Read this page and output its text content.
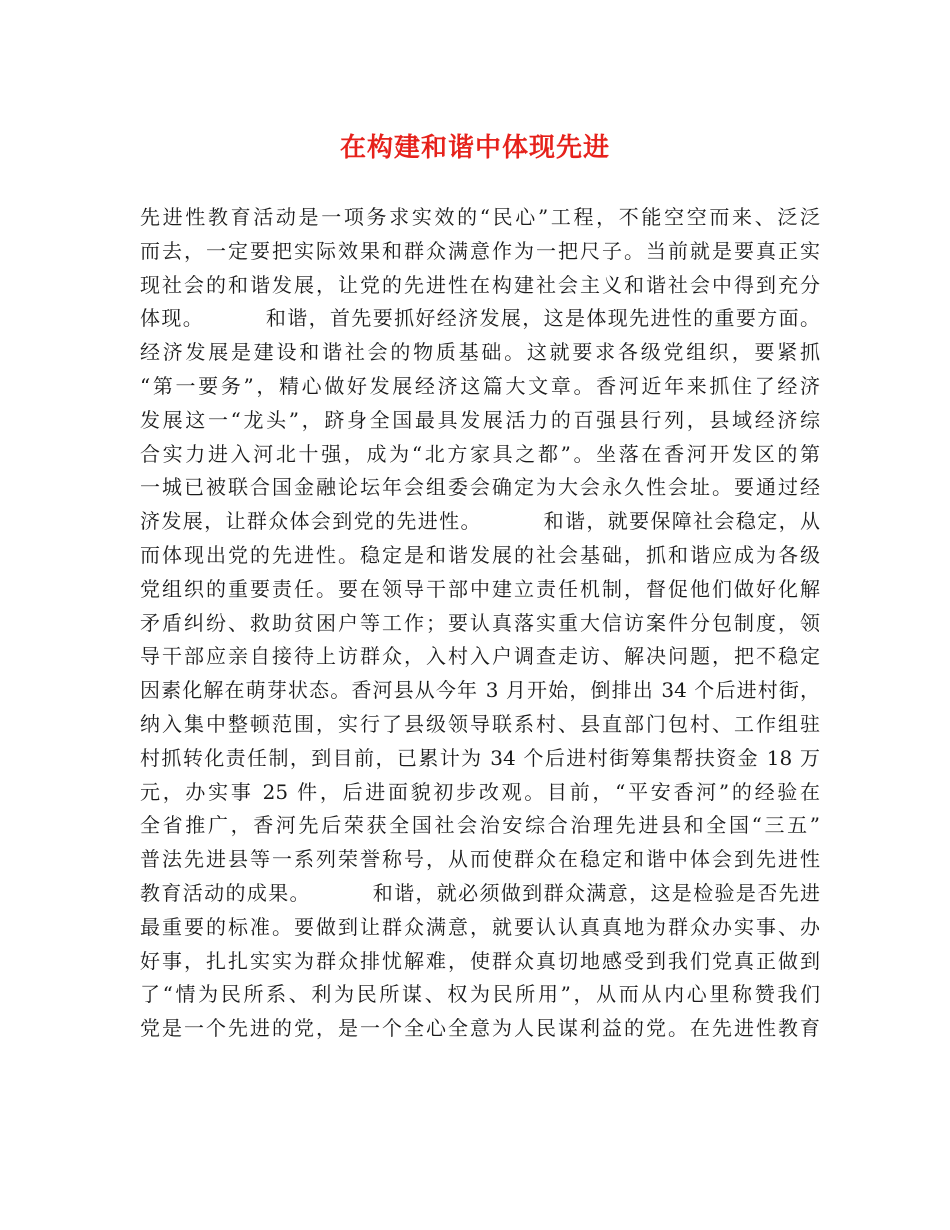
在构建和谐中体现先进
先进性教育活动是一项务求实效的“民心”工程，不能空空而来、泛泛
而去，一定要把实际效果和群众满意作为一把尺子。当前就是要真正实
现社会的和谐发展，让党的先进性在构建社会主义和谐社会中得到充分
体现。        和谐，首先要抓好经济发展，这是体现先进性的重要方面。
经济发展是建设和谐社会的物质基础。这就要求各级党组织，要紧抓
“第一要务”，精心做好发展经济这篇大文章。香河近年来抓住了经济
发展这一“龙头”，跻身全国最具发展活力的百强县行列，县域经济综
合实力进入河北十强，成为“北方家具之都”。坐落在香河开发区的第
一城已被联合国金融论坛年会组委会确定为大会永久性会址。要通过经
济发展，让群众体会到党的先进性。        和谐，就要保障社会稳定，从
而体现出党的先进性。稳定是和谐发展的社会基础，抓和谐应成为各级
党组织的重要责任。要在领导干部中建立责任机制，督促他们做好化解
矛盾纠纷、救助贫困户等工作；要认真落实重大信访案件分包制度，领
导干部应亲自接待上访群众，入村入户调查走访、解决问题，把不稳定
因素化解在萌芽状态。香河县从今年 3 月开始，倒排出 34 个后进村街，
纳入集中整顿范围，实行了县级领导联系村、县直部门包村、工作组驻
村抓转化责任制，到目前，已累计为 34 个后进村街筹集帮扶资金 18 万
元，办实事 25 件，后进面貌初步改观。目前，“平安香河”的经验在
全省推广，香河先后荣获全国社会治安综合治理先进县和全国“三五”
普法先进县等一系列荣誉称号，从而使群众在稳定和谐中体会到先进性
教育活动的成果。        和谐，就必须做到群众满意，这是检验是否先进
最重要的标准。要做到让群众满意，就要认认真真地为群众办实事、办
好事，扎扎实实为群众排忧解难，使群众真切地感受到我们党真正做到
了“情为民所系、利为民所谋、权为民所用”，从而从内心里称赞我们
党是一个先进的党，是一个全心全意为人民谋利益的党。在先进性教育
